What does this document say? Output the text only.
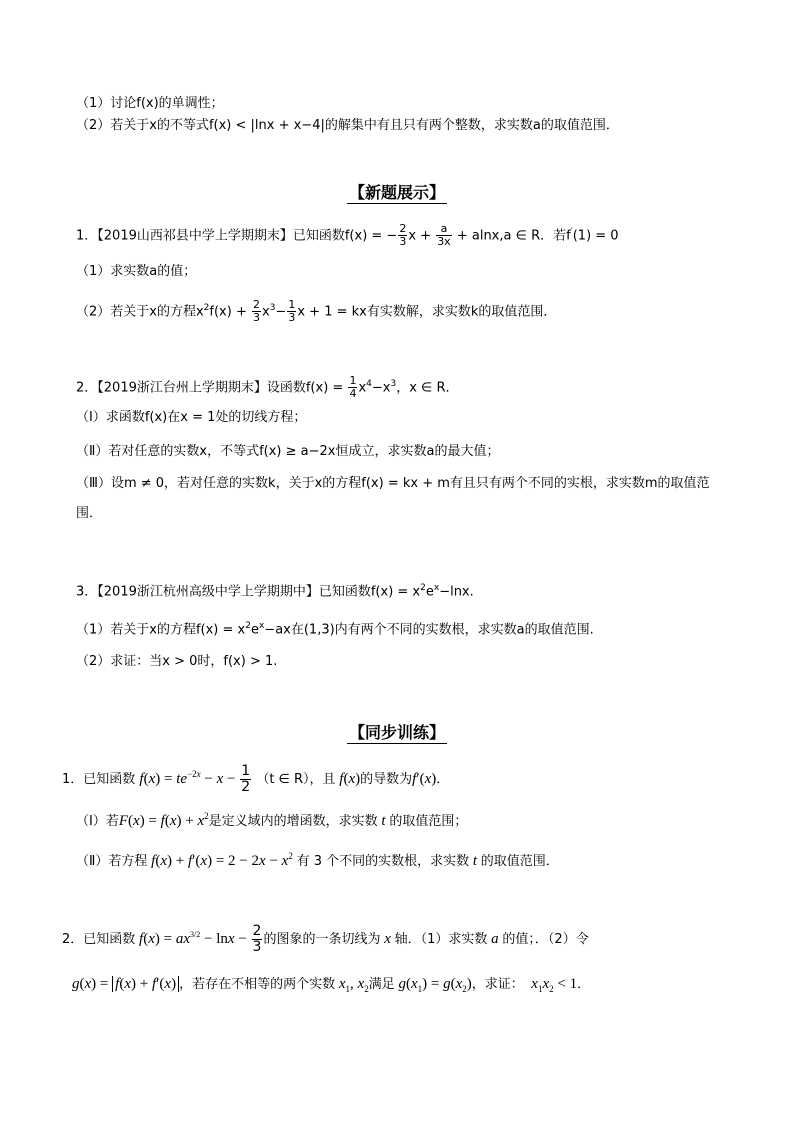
（1）讨论f(x)的单调性；
（2）若关于x的不等式f(x) < |lnx + x−4|的解集中有且只有两个整数，求实数a的取值范围．
【新题展示】
1．【2019山西祁县中学上学期期末】已知函数f(x) = − $\frac{2}{3}$ $x + \frac{a}{3x} + alnx,a$ ∈ R．若f′(1) = 0
（1）求实数a的值；
（2）若关于x的方程$x^2f(x) + \frac{2}{3} x^3- \frac{1}{3}$ x + 1 = kx有实数解，求实数k的取值范围．
2．【2019浙江台州上学期期末】设函数$f(x) = \frac{1}{4} x^4-x^3$，x ∈ R．
（Ⅰ）求函数f(x)在x = 1处的切线方程；
（Ⅱ）若对任意的实数x，不等式f(x) ≥ a−2x恒成立，求实数a的最大值；
（Ⅲ）设m ≠ 0，若对任意的实数k，关于x的方程f(x) = kx + m有且只有两个不同的实根，求实数m的取值范
围．
3．【2019浙江杭州高级中学上学期期中】已知函数$f(x) = x^2e^x-\ln x$.
（1）若关于x的方程$f(x) = x^2e^x-ax$在(1,3)内有两个不同的实数根，求实数a的取值范围.
（2）求证：当x > 0时，f(x) > 1.
【同步训练】
1．已知函数 $f(x) = te^{-2x} - x - \frac{1}{2} (t$ ∈ R），且 f(x)的导数为f′(x)．
（Ⅰ）若$F(x) = f(x) + x^2$是定义域内的增函数，求实数 t 的取值范围；
（Ⅱ）若方程 $f(x) + f'(x) = 2 - 2x - x^2$ 有 3 个不同的实数根，求实数 t 的取值范围．
2．已知函数 $f(x) = ax^{3/2} - \ln x - \frac{2}{3}$ 的图象的一条切线为 x 轴．（1）求实数 a 的值；．（2）令
g(x) = f(x) + f′(x) ，若存在不相等的两个实数 $x_1$, $x_2$满足 $g(x_1) = g(x_2)$，求证： $x_1x_2 < 1$．
